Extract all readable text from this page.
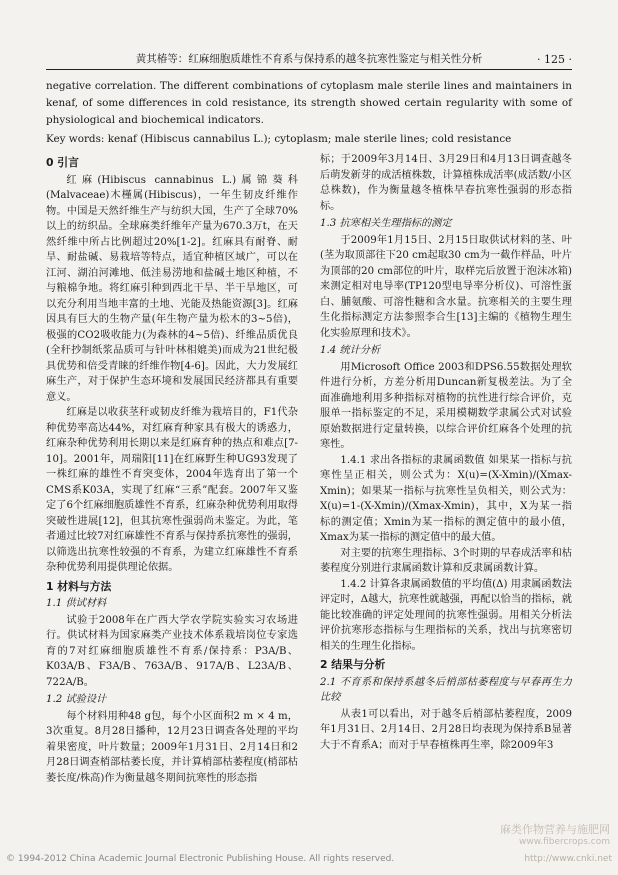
黄其椿等：红麻细胞质雄性不育系与保持系的越冬抗寒性鉴定与相关性分析	· 125 ·

negative correlation. The different combinations of cytoplasm male sterile lines and maintainers in kenaf, of some differences in cold resistance, its strength showed certain regularity with some of physiological and biochemical indicators.

Key words: kenaf (Hibiscus cannabilus L.); cytoplasm; male sterile lines; cold resistance

0 引言

红麻(Hibiscus cannabinus L.)属锦葵科(Malvaceae)木槿属(Hibiscus)，一年生韧皮纤维作物。中国是天然纤维生产与纺织大国，生产了全球70%以上的纺织品。全球麻类纤维年产量为670.3万t，在天然纤维中所占比例超过20%[1-2]。红麻具有耐脊、耐旱、耐盐碱、易栽培等特点，适宜种植区域广，可以在江河、湖泊河滩地、低洼易涝地和盐碱土地区种植，不与粮棉争地。将红麻引种到西北干旱、半干旱地区，可以充分利用当地丰富的土地、光能及热能资源[3]。红麻因具有巨大的生物产量(年生物产量为松木的3~5倍)，极强的CO2吸收能力(为森林的4~5倍)、纤维品质优良(全秆抄制纸浆品质可与针叶林相媲美)而成为21世纪极具优势和倍受青睐的纤维作物[4-6]。因此，大力发展红麻生产，对于保护生态环境和发展国民经济都具有重要意义。

红麻是以收获茎秆或韧皮纤维为栽培目的，F1代杂种优势率高达44%，对红麻育种家具有极大的诱惑力，红麻杂种优势利用长期以来是红麻育种的热点和难点[7-10]。2001年，周瑞阳[11]在红麻野生种UG93发现了一株红麻的雄性不育突变体，2004年选育出了第一个CMS系K03A，实现了红麻“三系”配套。2007年又鉴定了6个红麻细胞质雄性不育系，红麻杂种优势利用取得突破性进展[12]，但其抗寒性强弱尚未鉴定。为此，笔者通过比较7对红麻雄性不育系与保持系抗寒性的强弱，以筛选出抗寒性较强的不育系，为建立红麻雄性不育系杂种优势利用提供理论依据。

1 材料与方法
1.1 供试材料

试验于2008年在广西大学农学院实验实习农场进行。供试材料为国家麻类产业技术体系栽培岗位专家选育的7对红麻细胞质雄性不育系/保持系：P3A/B、K03A/B、F3A/B、763A/B、917A/B、L23A/B、722A/B。

1.2 试验设计

每个材料用种48 g包，每个小区面积2 m × 4 m，3次重复。8月28日播种，12月23日调查各处理的平均着果密度，叶片数量；2009年1月31日、2月14日和2月28日调查梢部枯萎长度，并计算梢部枯萎程度(梢部枯萎长度/株高)作为衡量越冬期间抗寒性的形态指

标；于2009年3月14日、3月29日和4月13日调查越冬后萌发新芽的成活植株数，计算植株成活率(成活数/小区总株数)，作为衡量越冬植株早春抗寒性强弱的形态指标。

1.3 抗寒相关生理指标的测定

于2009年1月15日、2月15日取供试材料的茎、叶(茎为取顶部往下20 cm起取30 cm为一截作样品，叶片为顶部的20 cm部位的叶片，取样完后放置于泡沫冰箱)来测定相对电导率(TP120型电导率分析仪)、可溶性蛋白、脯氨酸、可溶性糖和含水量。抗寒相关的主要生理生化指标测定方法参照李合生[13]主编的《植物生理生化实验原理和技术》。

1.4 统计分析

用Microsoft Office 2003和DPS6.55数据处理软件进行分析，方差分析用Duncan新复极差法。为了全面准确地利用多种指标对植物的抗性进行综合评价，克服单一指标鉴定的不足，采用模糊数学隶属公式对试验原始数据进行定量转换，以综合评价红麻各个处理的抗寒性。

1.4.1 求出各指标的隶属函数值 如果某一指标与抗寒性呈正相关，则公式为：X(u)=(X-Xmin)/(Xmax-Xmin)；如果某一指标与抗寒性呈负相关，则公式为：X(u)=1-(X-Xmin)/(Xmax-Xmin)，其中，X为某一指标的测定值；Xmin为某一指标的测定值中的最小值，Xmax为某一指标的测定值中的最大值。

对主要的抗寒生理指标、3个时期的早春成活率和枯萎程度分别进行隶属函数计算和反隶属函数计算。

1.4.2 计算各隶属函数值的平均值(Δ) 用隶属函数法评定时，Δ越大，抗寒性就越强，再配以恰当的指标，就能比较准确的评定处理间的抗寒性强弱。用相关分析法评价抗寒形态指标与生理指标的关系，找出与抗寒密切相关的生理生化指标。

2 结果与分析
2.1 不育系和保持系越冬后梢部枯萎程度与早春再生力比较

从表1可以看出，对于越冬后梢部枯萎程度，2009年1月31日、2月14日、2月28日均表现为保持系B显著大于不育系A；而对于早春植株再生率，除2009年3

© 1994-2012 China Academic Journal Electronic Publishing House. All rights reserved.	http://www.cnki.net
麻类作物营养与施肥网
www.fibercrops.com
